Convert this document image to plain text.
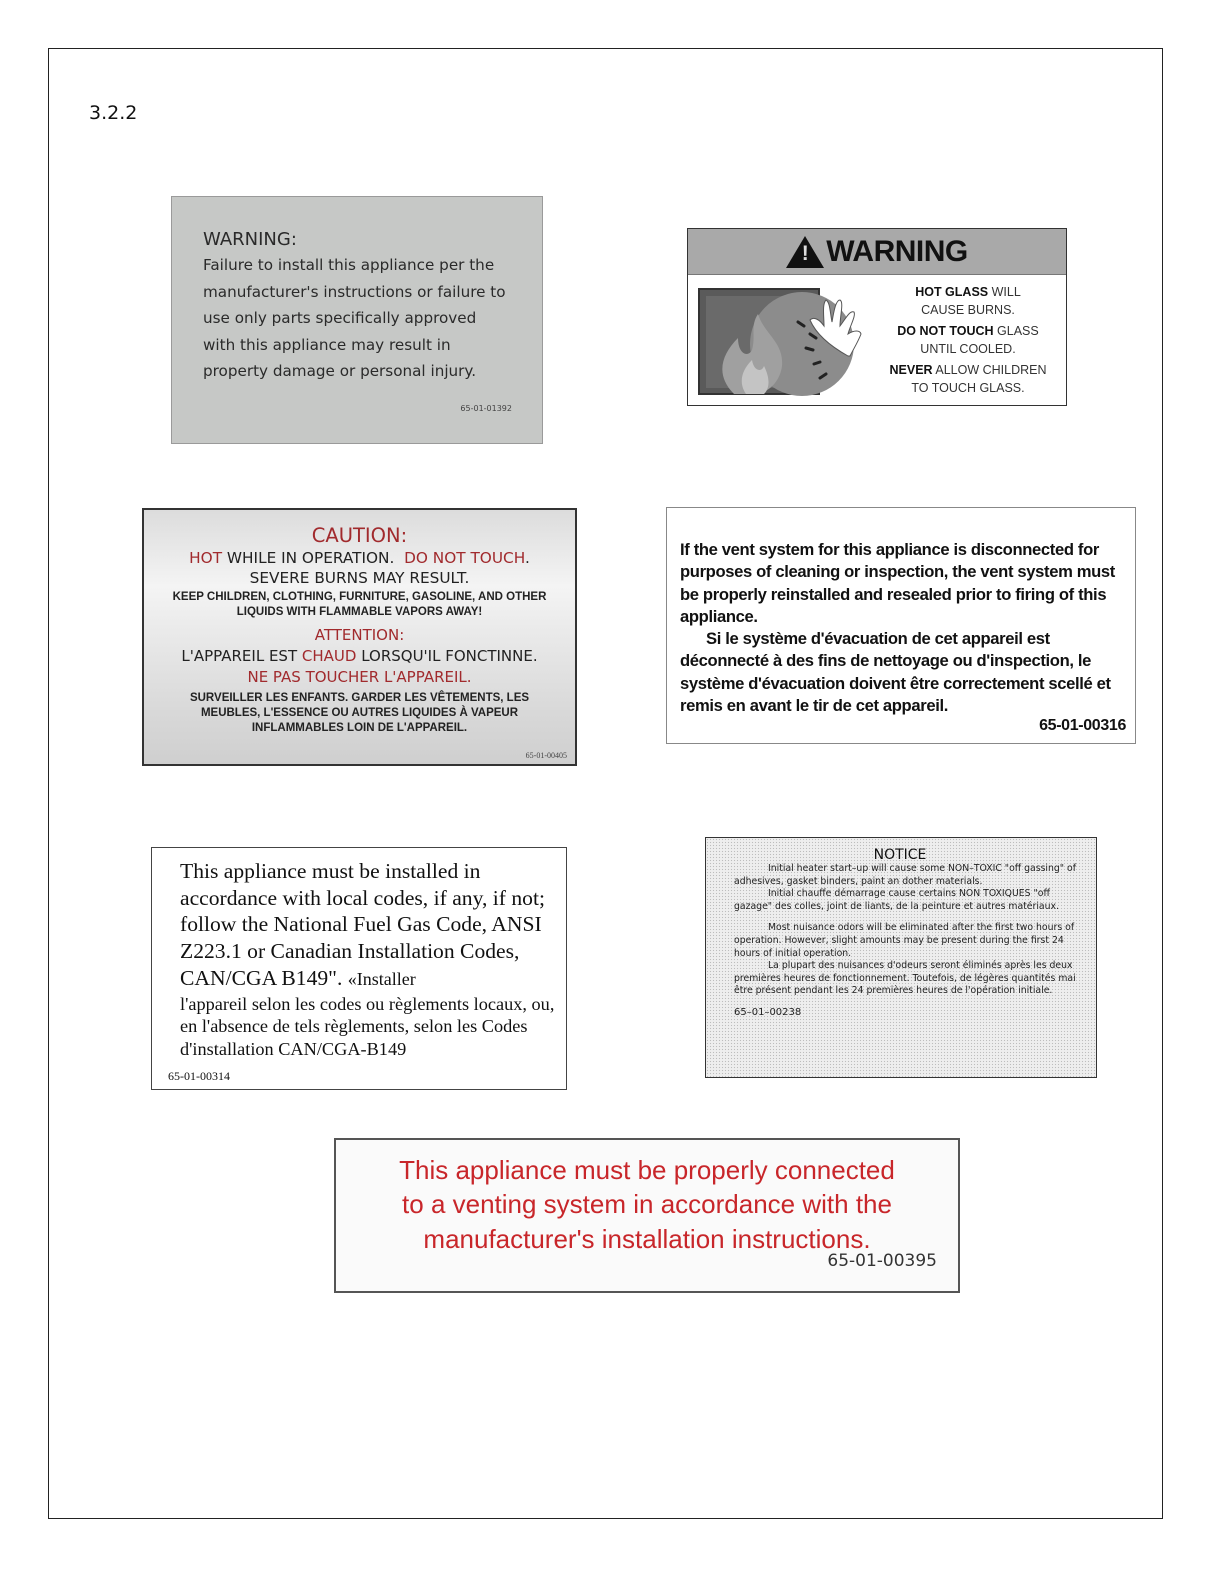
3.2.2
WARNING:
Failure to install this appliance per the
manufacturer's instructions or failure to
use only parts specifically approved
with this appliance may result in
property damage or personal injury.
65-01-01392
! WARNING
HOT GLASS WILL
CAUSE BURNS.
DO NOT TOUCH GLASS
UNTIL COOLED.
NEVER ALLOW CHILDREN
TO TOUCH GLASS.
CAUTION:
HOT WHILE IN OPERATION.  DO NOT TOUCH.
SEVERE BURNS MAY RESULT.
KEEP CHILDREN, CLOTHING, FURNITURE, GASOLINE, AND OTHER
LIQUIDS WITH FLAMMABLE VAPORS AWAY!
ATTENTION:
L'APPAREIL EST CHAUD LORSQU'IL FONCTINNE.
NE PAS TOUCHER L'APPAREIL.
SURVEILLER LES ENFANTS. GARDER LES VÊTEMENTS, LES
MEUBLES, L'ESSENCE OU AUTRES LIQUIDES À VAPEUR
INFLAMMABLES LOIN DE L'APPAREIL.
65-01-00405
If the vent system for this appliance is disconnected for purposes of cleaning or inspection, the vent system must be properly reinstalled and resealed prior to firing of this appliance.
Si le système d'évacuation de cet appareil est déconnecté à des fins de nettoyage ou d'inspection, le système d'évacuation doivent être correctement scellé et remis en avant le tir de cet appareil.
65-01-00316
This appliance must be installed in accordance with local codes, if any, if not; follow the National Fuel Gas Code, ANSI Z223.1 or Canadian Installation Codes, CAN/CGA B149". «Installer
l'appareil selon les codes ou règlements locaux, ou, en l'absence de tels règlements, selon les Codes d'installation CAN/CGA-B149
65-01-00314
NOTICE
Initial heater start–up will cause some NON–TOXIC "off gassing" of adhesives, gasket binders, paint an dother materials.
Initial chauffe démarrage cause certains NON TOXIQUES "off gazage" des colles, joint de liants, de la peinture et autres matériaux.
Most nuisance odors will be eliminated after the first two hours of operation. However, slight amounts may be present during the first 24 hours of initial operation.
La plupart des nuisances d'odeurs seront éliminés après les deux premières heures de fonctionnement. Toutefois, de légères quantités mai être présent pendant les 24 premières heures de l'opération initiale.
65–01–00238
This appliance must be properly connected
to a venting system in accordance with the
manufacturer's installation instructions.
65-01-00395
